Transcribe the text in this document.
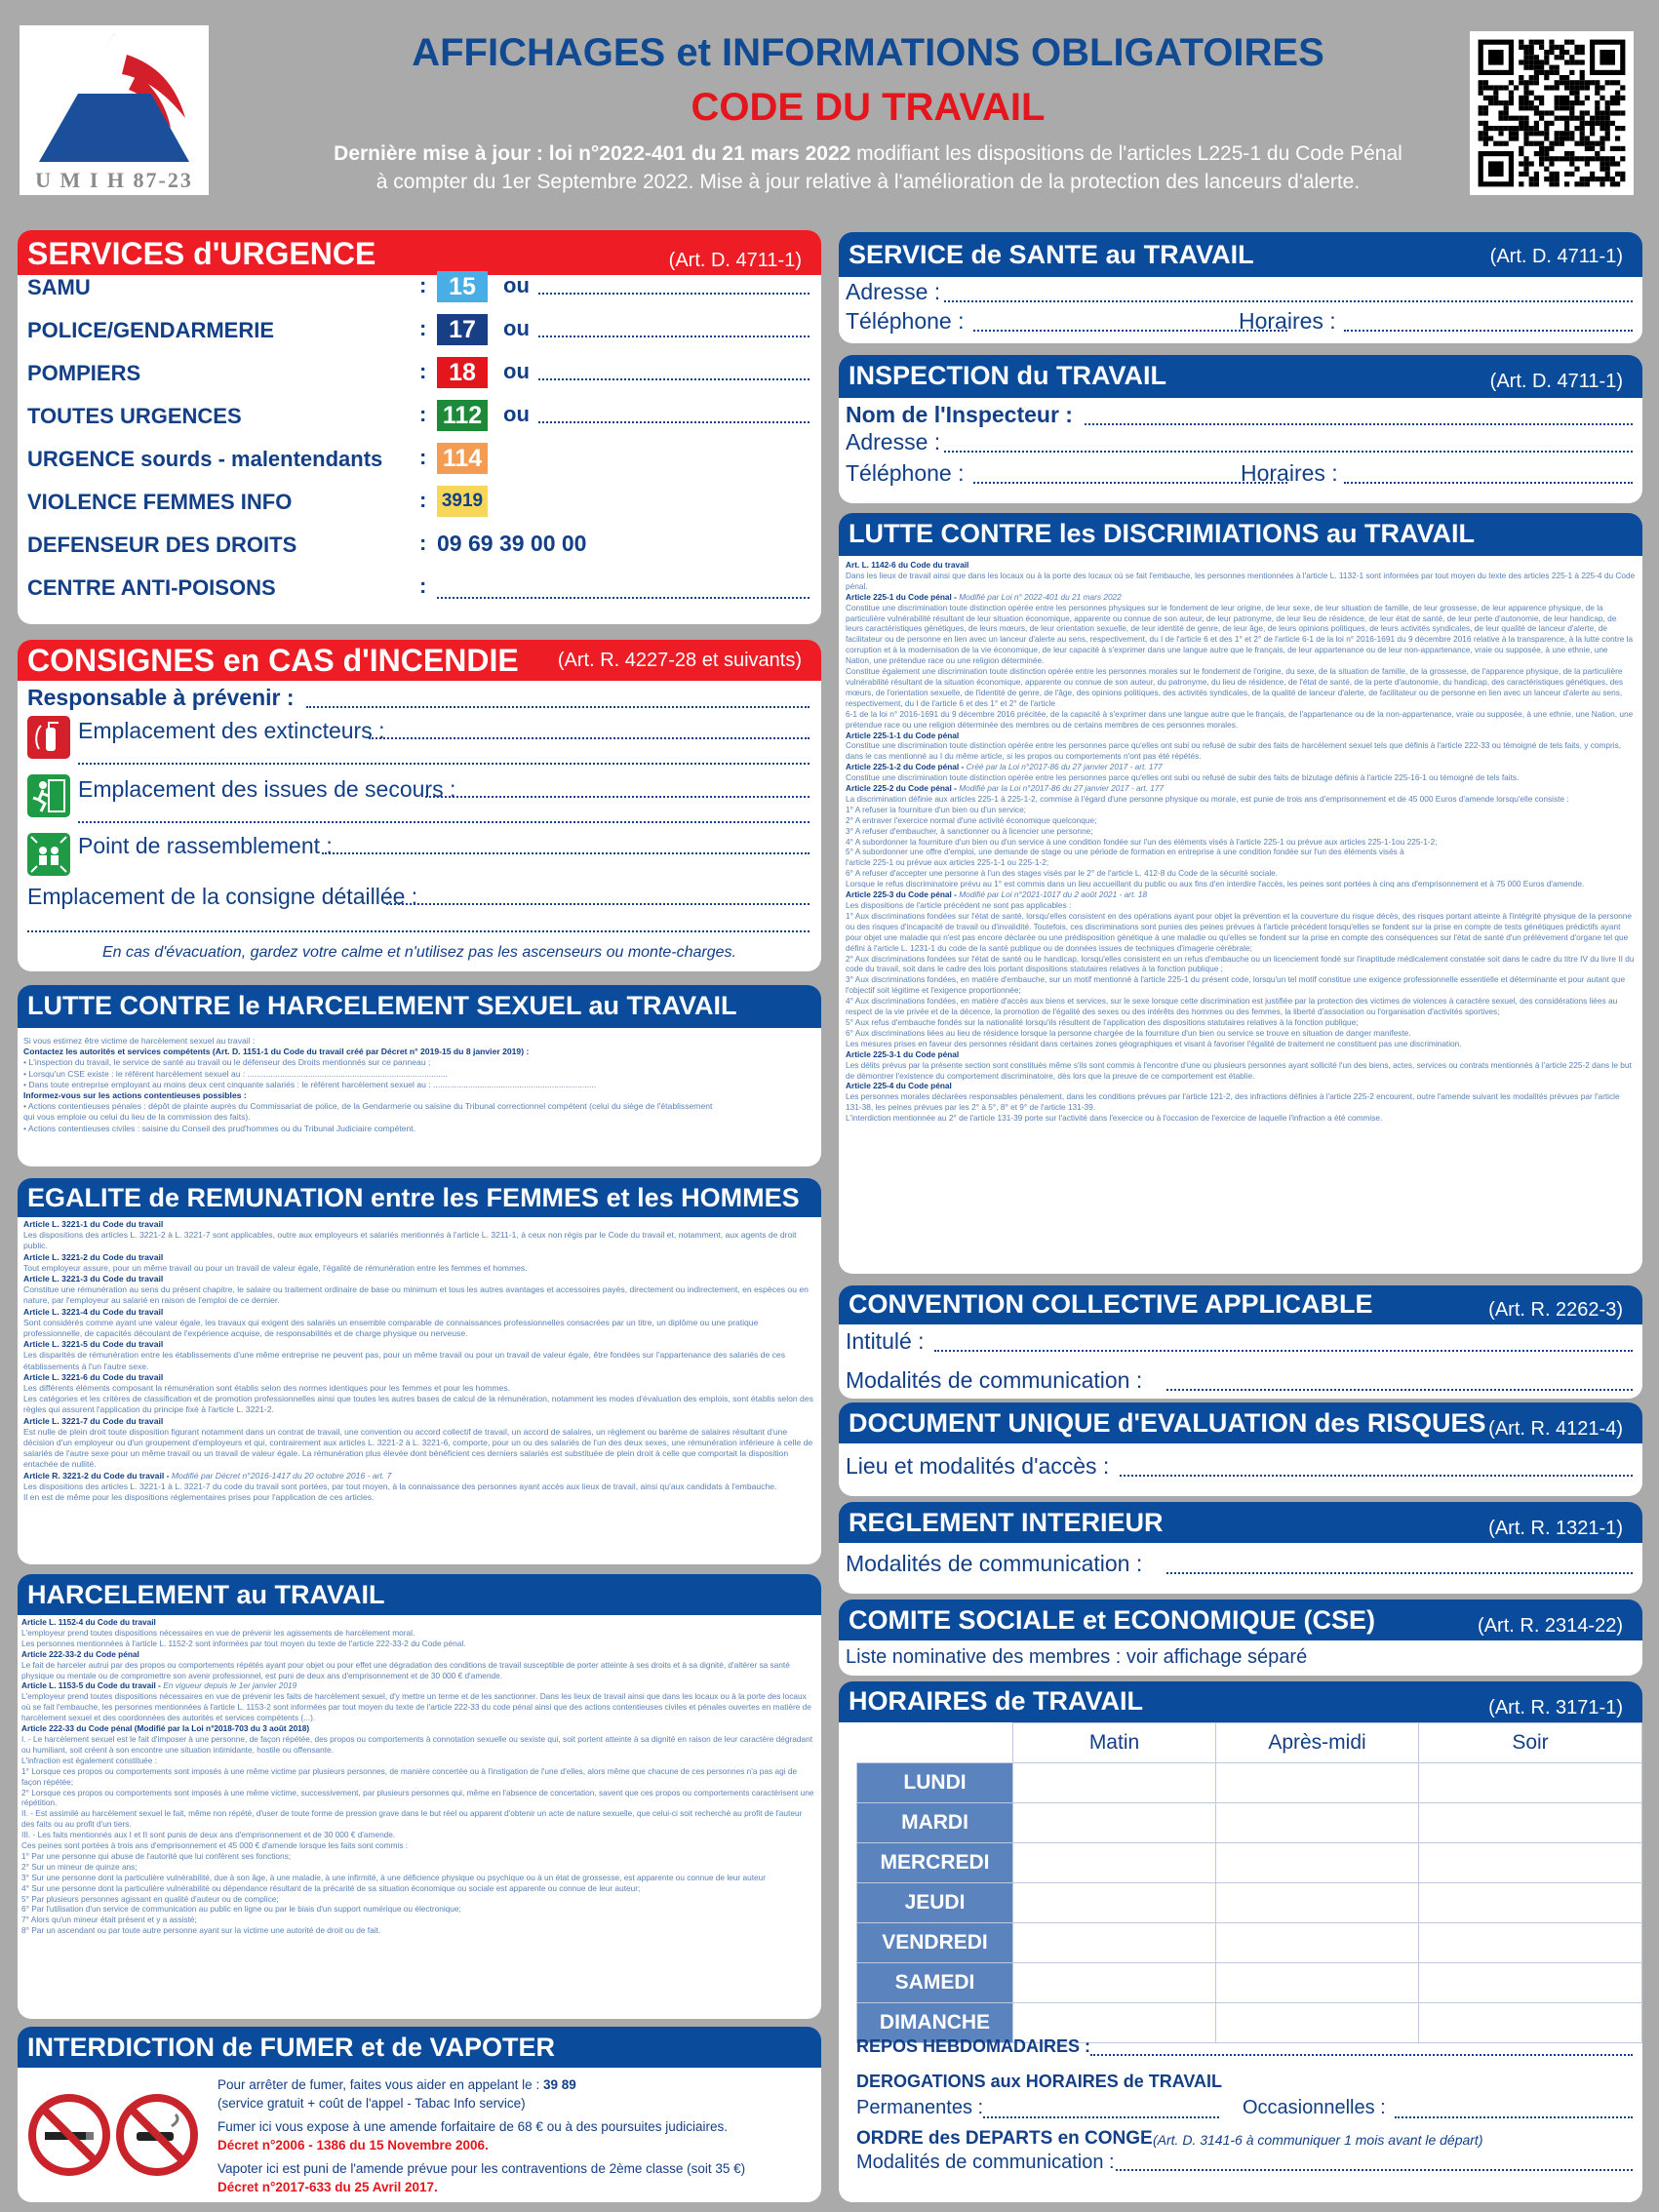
U M I H 87-23
AFFICHAGES et INFORMATIONS OBLIGATOIRES
CODE DU TRAVAIL
Dernière mise à jour : loi n°2022-401 du 21 mars 2022 modifiant les dispositions de l'articles L225-1 du Code Pénal
à compter du 1er Septembre 2022. Mise à jour relative à l'amélioration de la protection des lanceurs d'alerte.
SERVICES d'URGENCE	(Art. D. 4711-1)
SAMU	: 15	ou
POLICE/GENDARMERIE	: 17	ou
POMPIERS	: 18	ou
TOUTES URGENCES	: 112 ou
URGENCE sourds - malentendants : 114
VIOLENCE FEMMES INFO	: 3919
DEFENSEUR DES DROITS	: 09 69 39 00 00
CENTRE ANTI-POISONS	:
CONSIGNES en CAS d'INCENDIE (Art. R. 4227-28 et suivants)
Responsable à prévenir :
Emplacement des extincteurs :
Emplacement des issues de secours :
Point de rassemblement :
Emplacement de la consigne détaillée :
En cas d'évacuation, gardez votre calme et n'utilisez pas les ascenseurs ou monte-charges.
LUTTE CONTRE le HARCELEMENT SEXUEL au TRAVAIL
Si vous estimez être victime de harcèlement sexuel au travail :
Contactez les autorités et services compétents (Art. D. 1151-1 du Code du travail créé par Décret n° 2019-15 du 8 janvier 2019) :
• L'inspection du travail, le service de santé au travail ou le défenseur des Droits mentionnés sur ce panneau ;
• Lorsqu'un CSE existe : le référent harcèlement sexuel au : ......................................................................................
• Dans toute entreprise employant au moins deux cent cinquante salariés : le référent harcèlement sexuel au : ......................................................................
Informez-vous sur les actions contentieuses possibles :
• Actions contentieuses pénales : dépôt de plainte auprès du Commissariat de police, de la Gendarmerie ou saisine du Tribunal correctionnel compétent (celui du siège de l'établissement
qui vous emploie ou celui du lieu de la commission des faits).
• Actions contentieuses civiles : saisine du Conseil des prud'hommes ou du Tribunal Judiciaire compétent.
EGALITE de REMUNATION entre les FEMMES et les HOMMES
Article L. 3221-1 du Code du travail
Les dispositions des articles L. 3221-2 à L. 3221-7 sont applicables, outre aux employeurs et salariés mentionnés à l'article L. 3211-1, à ceux non régis par le Code du travail et, notamment, aux agents de droit public.
Article L. 3221-2 du Code du travail
Tout employeur assure, pour un même travail ou pour un travail de valeur égale, l'égalité de rémunération entre les femmes et hommes.
Article L. 3221-3 du Code du travail
Constitue une rémunération au sens du présent chapitre, le salaire ou traitement ordinaire de base ou minimum et tous les autres avantages et accessoires payés, directement ou indirectement, en espèces ou en nature, par l'employeur au salarié en raison de l'emploi de ce dernier.
Article L. 3221-4 du Code du travail
Sont considérés comme ayant une valeur égale, les travaux qui exigent des salariés un ensemble comparable de connaissances professionnelles consacrées par un titre, un diplôme ou une pratique professionnelle, de capacités découlant de l'expérience acquise, de responsabilités et de charge physique ou nerveuse.
Article L. 3221-5 du Code du travail
Les disparités de rémunération entre les établissements d'une même entreprise ne peuvent pas, pour un même travail ou pour un travail de valeur égale, être fondées sur l'appartenance des salariés de ces établissements à l'un l'autre sexe.
Article L. 3221-6 du Code du travail
Les différents éléments composant la rémunération sont établis selon des normes identiques pour les femmes et pour les hommes.
Les catégories et les critères de classification et de promotion professionnelles ainsi que toutes les autres bases de calcul de la rémunération, notamment les modes d'évaluation des emplois, sont établis selon des règles qui assurent l'application du principe fixé à l'article L. 3221-2.
Article L. 3221-7 du Code du travail
Est nulle de plein droit toute disposition figurant notamment dans un contrat de travail, une convention ou accord collectif de travail, un accord de salaires, un règlement ou barème de salaires résultant d'une décision d'un employeur ou d'un groupement d'employeurs et qui, contrairement aux articles L. 3221-2 à L. 3221-6, comporte, pour un ou des salariés de l'un des deux sexes, une rémunération inférieure à celle de salariés de l'autre sexe pour un même travail ou un travail de valeur égale. La rémunération plus élevée dont bénéficient ces derniers salariés est substituée de plein droit à celle que comportait la disposition entachée de nullité.
Article R. 3221-2 du Code du travail - Modifié par Décret n°2016-1417 du 20 octobre 2016 - art. 7
Les dispositions des articles L. 3221-1 à L. 3221-7 du code du travail sont portées, par tout moyen, à la connaissance des personnes ayant accès aux lieux de travail, ainsi qu'aux candidats à l'embauche.
Il en est de même pour les dispositions réglementaires prises pour l'application de ces articles.
HARCELEMENT au TRAVAIL
Article L. 1152-4 du Code du travail
L'employeur prend toutes dispositions nécessaires en vue de prévenir les agissements de harcèlement moral.
Les personnes mentionnées à l'article L. 1152-2 sont informées par tout moyen du texte de l'article 222-33-2 du Code pénal.
Article 222-33-2 du Code pénal
Le fait de harceler autrui par des propos ou comportements répétés ayant pour objet ou pour effet une dégradation des conditions de travail susceptible de porter atteinte à ses droits et à sa dignité, d'altérer sa santé physique ou mentale ou de compromettre son avenir professionnel, est puni de deux ans d'emprisonnement et de 30 000 € d'amende.
Article L. 1153-5 du Code du travail - En vigueur depuis le 1er janvier 2019
L'employeur prend toutes dispositions nécessaires en vue de prévenir les faits de harcèlement sexuel, d'y mettre un terme et de les sanctionner. Dans les lieux de travail ainsi que dans les locaux ou à la porte des locaux où se fait l'embauche, les personnes mentionnées à l'article L. 1153-2 sont informées par tout moyen du texte de l'article 222-33 du code pénal ainsi que des actions contentieuses civiles et pénales ouvertes en matière de harcèlement sexuel et des coordonnées des autorités et services compétents (...).
Article 222-33 du Code pénal (Modifié par la Loi n°2018-703 du 3 août 2018)
I. - Le harcèlement sexuel est le fait d'imposer à une personne, de façon répétée, des propos ou comportements à connotation sexuelle ou sexiste qui, soit portent atteinte à sa dignité en raison de leur caractère dégradant ou humiliant, soit créent à son encontre une situation intimidante, hostile ou offensante.
L'infraction est également constituée :
1° Lorsque ces propos ou comportements sont imposés à une même victime par plusieurs personnes, de manière concertée ou à l'instigation de l'une d'elles, alors même que chacune de ces personnes n'a pas agi de façon répétée;
2° Lorsque ces propos ou comportements sont imposés à une même victime, successivement, par plusieurs personnes qui, même en l'absence de concertation, savent que ces propos ou comportements caractérisent une répétition.
II. - Est assimilé au harcèlement sexuel le fait, même non répété, d'user de toute forme de pression grave dans le but réel ou apparent d'obtenir un acte de nature sexuelle, que celui-ci soit recherché au profit de l'auteur des faits ou au profit d'un tiers.
III. - Les faits mentionnés aux I et II sont punis de deux ans d'emprisonnement et de 30 000 € d'amende.
Ces peines sont portées à trois ans d'emprisonnement et 45 000 € d'amende lorsque les faits sont commis :
1° Par une personne qui abuse de l'autorité que lui confèrent ses fonctions;
2° Sur un mineur de quinze ans;
3° Sur une personne dont la particulière vulnérabilité, due à son âge, à une maladie, à une infirmité, à une déficience physique ou psychique ou à un état de grossesse, est apparente ou connue de leur auteur
4° Sur une personne dont la particulière vulnérabilité ou dépendance résultant de la précarité de sa situation économique ou sociale est apparente ou connue de leur auteur;
5° Par plusieurs personnes agissant en qualité d'auteur ou de complice;
6° Par l'utilisation d'un service de communication au public en ligne ou par le biais d'un support numérique ou électronique;
7° Alors qu'un mineur était présent et y a assisté;
8° Par un ascendant ou par toute autre personne ayant sur la victime une autorité de droit ou de fait.
INTERDICTION de FUMER et de VAPOTER
Pour arrêter de fumer, faites vous aider en appelant le : 39 89
(service gratuit + coût de l'appel - Tabac Info service)
Fumer ici vous expose à une amende forfaitaire de 68 € ou à des poursuites judiciaires.
Décret n°2006 - 1386 du 15 Novembre 2006.
Vapoter ici est puni de l'amende prévue pour les contraventions de 2ème classe (soit 35 €)
Décret n°2017-633 du 25 Avril 2017.
SERVICE de SANTE au TRAVAIL	(Art. D. 4711-1)
Adresse :
Téléphone :	Horaires :
INSPECTION du TRAVAIL	(Art. D. 4711-1)
Nom de l'Inspecteur :
Adresse :
Téléphone :	Horaires :
LUTTE CONTRE les DISCRIMIATIONS au TRAVAIL
Art. L. 1142-6 du Code du travail
Dans les lieux de travail ainsi que dans les locaux ou à la porte des locaux où se fait l'embauche, les personnes mentionnées à l'article L. 1132-1 sont informées par tout moyen du texte des articles 225-1 à 225-4 du Code pénal.
Article 225-1 du Code pénal - Modifié par Loi n° 2022-401 du 21 mars 2022
Constitue une discrimination toute distinction opérée entre les personnes physiques sur le fondement de leur origine, de leur sexe, de leur situation de famille, de leur grossesse, de leur apparence physique, de la particulière vulnérabilité résultant de leur situation économique, apparente ou connue de son auteur, de leur patronyme, de leur lieu de résidence, de leur état de santé, de leur perte d'autonomie, de leur handicap, de leurs caractéristiques génétiques, de leurs mœurs, de leur orientation sexuelle, de leur identité de genre, de leur âge, de leurs opinions politiques, de leurs activités syndicales, de leur qualité de lanceur d'alerte, de facilitateur ou de personne en lien avec un lanceur d'alerte au sens, respectivement, du I de l'article 6 et des 1° et 2° de l'article 6-1 de la loi n° 2016-1691 du 9 décembre 2016 relative à la transparence, à la lutte contre la corruption et à la modernisation de la vie économique, de leur capacité à s'exprimer dans une langue autre que le français, de leur appartenance ou de leur non-appartenance, vraie ou supposée, à une ethnie, une Nation, une prétendue race ou une religion déterminée.
Constitue également une discrimination toute distinction opérée entre les personnes morales sur le fondement de l'origine, du sexe, de la situation de famille, de la grossesse, de l'apparence physique, de la particulière vulnérabilité résultant de la situation économique, apparente ou connue de son auteur, du patronyme, du lieu de résidence, de l'état de santé, de la perte d'autonomie, du handicap, des caractéristiques génétiques, des mœurs, de l'orientation sexuelle, de l'identité de genre, de l'âge, des opinions politiques, des activités syndicales, de la qualité de lanceur d'alerte, de facilitateur ou de personne en lien avec un lanceur d'alerte au sens, respectivement, du I de l'article 6 et des 1° et 2° de l'article
6-1 de la loi n° 2016-1691 du 9 décembre 2016 précitée, de la capacité à s'exprimer dans une langue autre que le français, de l'appartenance ou de la non-appartenance, vraie ou supposée, à une ethnie, une Nation, une prétendue race ou une religion déterminée des membres ou de certains membres de ces personnes morales.
Article 225-1-1 du Code pénal
Constitue une discrimination toute distinction opérée entre les personnes parce qu'elles ont subi ou refusé de subir des faits de harcèlement sexuel tels que définis à l'article 222-33 ou témoigné de tels faits, y compris, dans le cas mentionné au I du même article, si les propos ou comportements n'ont pas été répétés.
Article 225-1-2 du Code pénal - Créé par la Loi n°2017-86 du 27 janvier 2017 - art. 177
Constitue une discrimination toute distinction opérée entre les personnes parce qu'elles ont subi ou refusé de subir des faits de bizutage définis à l'article 225-16-1 ou témoigné de tels faits.
Article 225-2 du Code pénal - Modifié par la Loi n°2017-86 du 27 janvier 2017 - art. 177
La discrimination définie aux articles 225-1 à 225-1-2, commise à l'égard d'une personne physique ou morale, est punie de trois ans d'emprisonnement et de 45 000 Euros d'amende lorsqu'elle consiste :
1° A refuser la fourniture d'un bien ou d'un service;
2° A entraver l'exercice normal d'une activité économique quelconque;
3° A refuser d'embaucher, à sanctionner ou à licencier une personne;
4° A subordonner la fourniture d'un bien ou d'un service à une condition fondée sur l'un des éléments visés à l'article 225-1 ou prévue aux articles 225-1-1ou 225-1-2;
5° A subordonner une offre d'emploi, une demande de stage ou une période de formation en entreprise à une condition fondée sur l'un des éléments visés à
l'article 225-1 ou prévue aux articles 225-1-1 ou 225-1-2;
6° A refuser d'accepter une personne à l'un des stages visés par le 2° de l'article L. 412-8 du Code de la sécurité sociale.
Lorsque le refus discriminatoire prévu au 1° est commis dans un lieu accueillant du public ou aux fins d'en interdire l'accès, les peines sont portées à cinq ans d'emprisonnement et à 75 000 Euros d'amende.
Article 225-3 du Code pénal - Modifié par Loi n°2021-1017 du 2 août 2021 - art. 18
Les dispositions de l'article précédent ne sont pas applicables :
1° Aux discriminations fondées sur l'état de santé, lorsqu'elles consistent en des opérations ayant pour objet la prévention et la couverture du risque décès, des risques portant atteinte à l'intégrité physique de la personne ou des risques d'incapacité de travail ou d'invalidité. Toutefois, ces discriminations sont punies des peines prévues à l'article précédent lorsqu'elles se fondent sur la prise en compte de tests génétiques prédictifs ayant pour objet une maladie qui n'est pas encore déclarée ou une prédisposition génétique à une maladie ou qu'elles se fondent sur la prise en compte des conséquences sur l'état de santé d'un prélèvement d'organe tel que défini à l'article L. 1231-1 du code de la santé publique ou de données issues de techniques d'imagerie cérébrale;
2° Aux discriminations fondées sur l'état de santé ou le handicap, lorsqu'elles consistent en un refus d'embauche ou un licenciement fondé sur l'inaptitude médicalement constatée soit dans le cadre du titre IV du livre II du code du travail, soit dans le cadre des lois portant dispositions statutaires relatives à la fonction publique ;
3° Aux discriminations fondées, en matière d'embauche, sur un motif mentionné à l'article 225-1 du présent code, lorsqu'un tel motif constitue une exigence professionnelle essentielle et déterminante et pour autant que l'objectif soit légitime et l'exigence proportionnée;
4° Aux discriminations fondées, en matière d'accès aux biens et services, sur le sexe lorsque cette discrimination est justifiée par la protection des victimes de violences à caractère sexuel, des considérations liées au respect de la vie privée et de la décence, la promotion de l'égalité des sexes ou des intérêts des hommes ou des femmes, la liberté d'association ou l'organisation d'activités sportives;
5° Aux refus d'embauche fondés sur la nationalité lorsqu'ils résultent de l'application des dispositions statutaires relatives à la fonction publique;
6° Aux discriminations liées au lieu de résidence lorsque la personne chargée de la fourniture d'un bien ou service se trouve en situation de danger manifeste.
Les mesures prises en faveur des personnes résidant dans certaines zones géographiques et visant à favoriser l'égalité de traitement ne constituent pas une discrimination.
Article 225-3-1 du Code pénal
Les délits prévus par la présente section sont constitués même s'ils sont commis à l'encontre d'une ou plusieurs personnes ayant sollicité l'un des biens, actes, services ou contrats mentionnés à l'article 225-2 dans le but de démontrer l'existence du comportement discriminatoire, dès lors que la preuve de ce comportement est établie.
Article 225-4 du Code pénal
Les personnes morales déclarées responsables pénalement, dans les conditions prévues par l'article 121-2, des infractions définies à l'article 225-2 encourent, outre l'amende suivant les modalités prévues par l'article 131-38, les peines prévues par les 2° à 5°, 8° et 9° de l'article 131-39.
L'interdiction mentionnée au 2° de l'article 131-39 porte sur l'activité dans l'exercice ou à l'occasion de l'exercice de laquelle l'infraction a été commise.
CONVENTION COLLECTIVE APPLICABLE	(Art. R. 2262-3)
Intitulé :
Modalités de communication :
DOCUMENT UNIQUE d'EVALUATION des RISQUES (Art. R. 4121-4)
Lieu et modalités d'accès :
REGLEMENT INTERIEUR	(Art. R. 1321-1)
Modalités de communication :
COMITE SOCIALE et ECONOMIQUE (CSE)	(Art. R. 2314-22)
Liste nominative des membres : voir affichage séparé
HORAIRES de TRAVAIL	(Art. R. 3171-1)
	Matin	Après-midi	Soir
LUNDI			
MARDI			
MERCREDI			
JEUDI			
VENDREDI			
SAMEDI			
DIMANCHE			
REPOS HEBDOMADAIRES :
DEROGATIONS aux HORAIRES de TRAVAIL
Permanentes :	Occasionnelles :
ORDRE des DEPARTS en CONGE (Art. D. 3141-6 à communiquer 1 mois avant le départ)
Modalités de communication :
